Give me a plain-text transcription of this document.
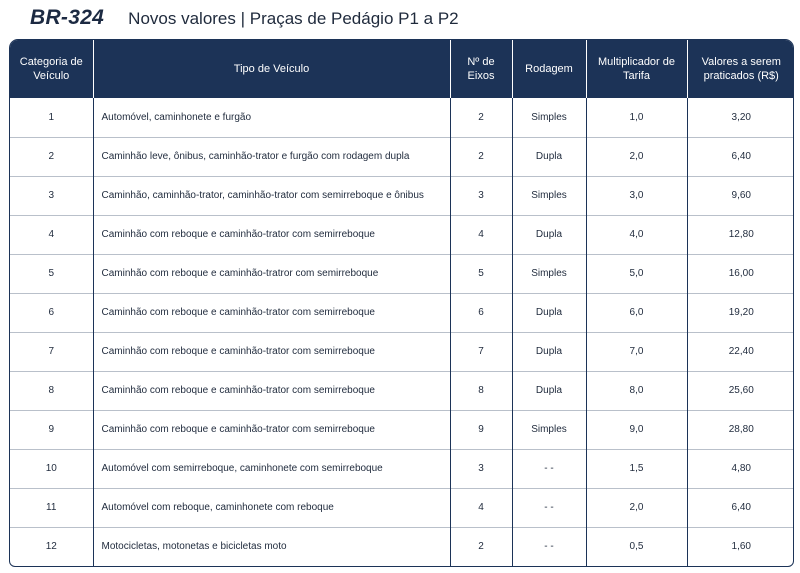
BR-324 Novos valores | Praças de Pedágio P1 a P2
Categoria de Veículo	Tipo de Veículo	Nº de Eixos	Rodagem	Multiplicador de Tarifa	Valores a serem praticados (R$)
1	Automóvel, caminhonete e furgão	2	Simples	1,0	3,20
2	Caminhão leve, ônibus, caminhão-trator e furgão com rodagem dupla	2	Dupla	2,0	6,40
3	Caminhão, caminhão-trator, caminhão-trator com semirreboque e ônibus	3	Simples	3,0	9,60
4	Caminhão com reboque e caminhão-trator com semirreboque	4	Dupla	4,0	12,80
5	Caminhão com reboque e caminhão-tratror com semirreboque	5	Simples	5,0	16,00
6	Caminhão com reboque e caminhão-trator com semirreboque	6	Dupla	6,0	19,20
7	Caminhão com reboque e caminhão-trator com semirreboque	7	Dupla	7,0	22,40
8	Caminhão com reboque e caminhão-trator com semirreboque	8	Dupla	8,0	25,60
9	Caminhão com reboque e caminhão-trator com semirreboque	9	Simples	9,0	28,80
10	Automóvel com semirreboque, caminhonete com semirreboque	3	- -	1,5	4,80
11	Automóvel com reboque, caminhonete com reboque	4	- -	2,0	6,40
12	Motocicletas, motonetas e bicicletas moto	2	- -	0,5	1,60
